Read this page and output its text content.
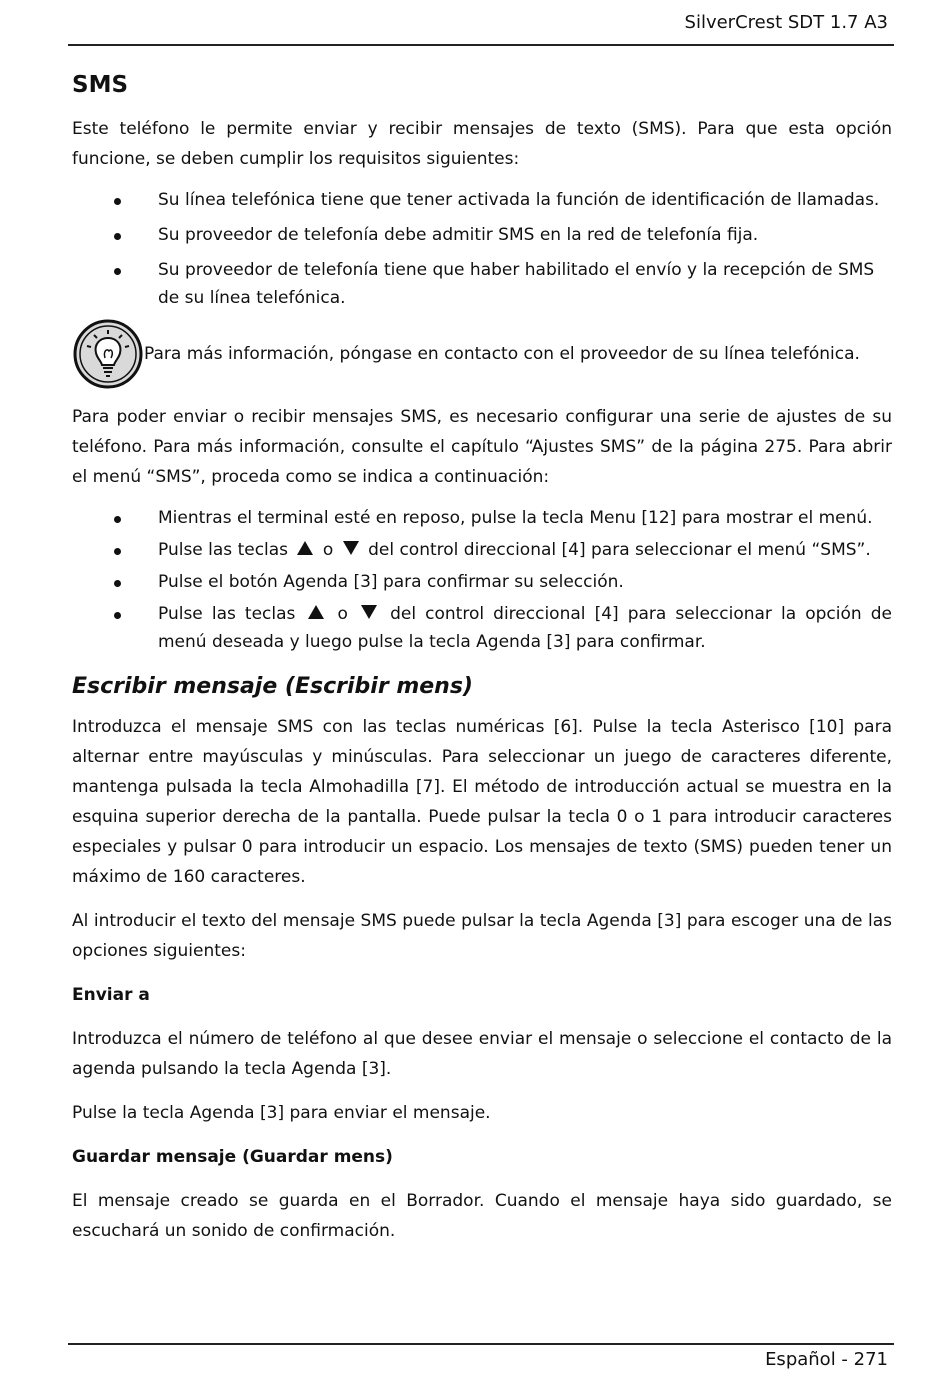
SilverCrest SDT 1.7 A3
SMS

Este teléfono le permite enviar y recibir mensajes de texto (SMS). Para que esta opción funcione, se deben cumplir los requisitos siguientes:

Su línea telefónica tiene que tener activada la función de identificación de llamadas.
Su proveedor de telefonía debe admitir SMS en la red de telefonía fija.
Su proveedor de telefonía tiene que haber habilitado el envío y la recepción de SMS de su línea telefónica.

Para más información, póngase en contacto con el proveedor de su línea telefónica.

Para poder enviar o recibir mensajes SMS, es necesario configurar una serie de ajustes de su teléfono. Para más información, consulte el capítulo “Ajustes SMS” de la página 275. Para abrir el menú “SMS”, proceda como se indica a continuación:

Mientras el terminal esté en reposo, pulse la tecla Menu [12] para mostrar el menú.
Pulse las teclas o del control direccional [4] para seleccionar el menú “SMS”.
Pulse el botón Agenda [3] para confirmar su selección.
Pulse las teclas o del control direccional [4] para seleccionar la opción de menú deseada y luego pulse la tecla Agenda [3] para confirmar.
Escribir mensaje (Escribir mens)

Introduzca el mensaje SMS con las teclas numéricas [6]. Pulse la tecla Asterisco [10] para alternar entre mayúsculas y minúsculas. Para seleccionar un juego de caracteres diferente, mantenga pulsada la tecla Almohadilla [7]. El método de introducción actual se muestra en la esquina superior derecha de la pantalla. Puede pulsar la tecla 0 o 1 para introducir caracteres especiales y pulsar 0 para introducir un espacio. Los mensajes de texto (SMS) pueden tener un máximo de 160 caracteres.

Al introducir el texto del mensaje SMS puede pulsar la tecla Agenda [3] para escoger una de las opciones siguientes:

Enviar a

Introduzca el número de teléfono al que desee enviar el mensaje o seleccione el contacto de la agenda pulsando la tecla Agenda [3].

Pulse la tecla Agenda [3] para enviar el mensaje.

Guardar mensaje (Guardar mens)

El mensaje creado se guarda en el Borrador. Cuando el mensaje haya sido guardado, se escuchará un sonido de confirmación.

Español - 271
